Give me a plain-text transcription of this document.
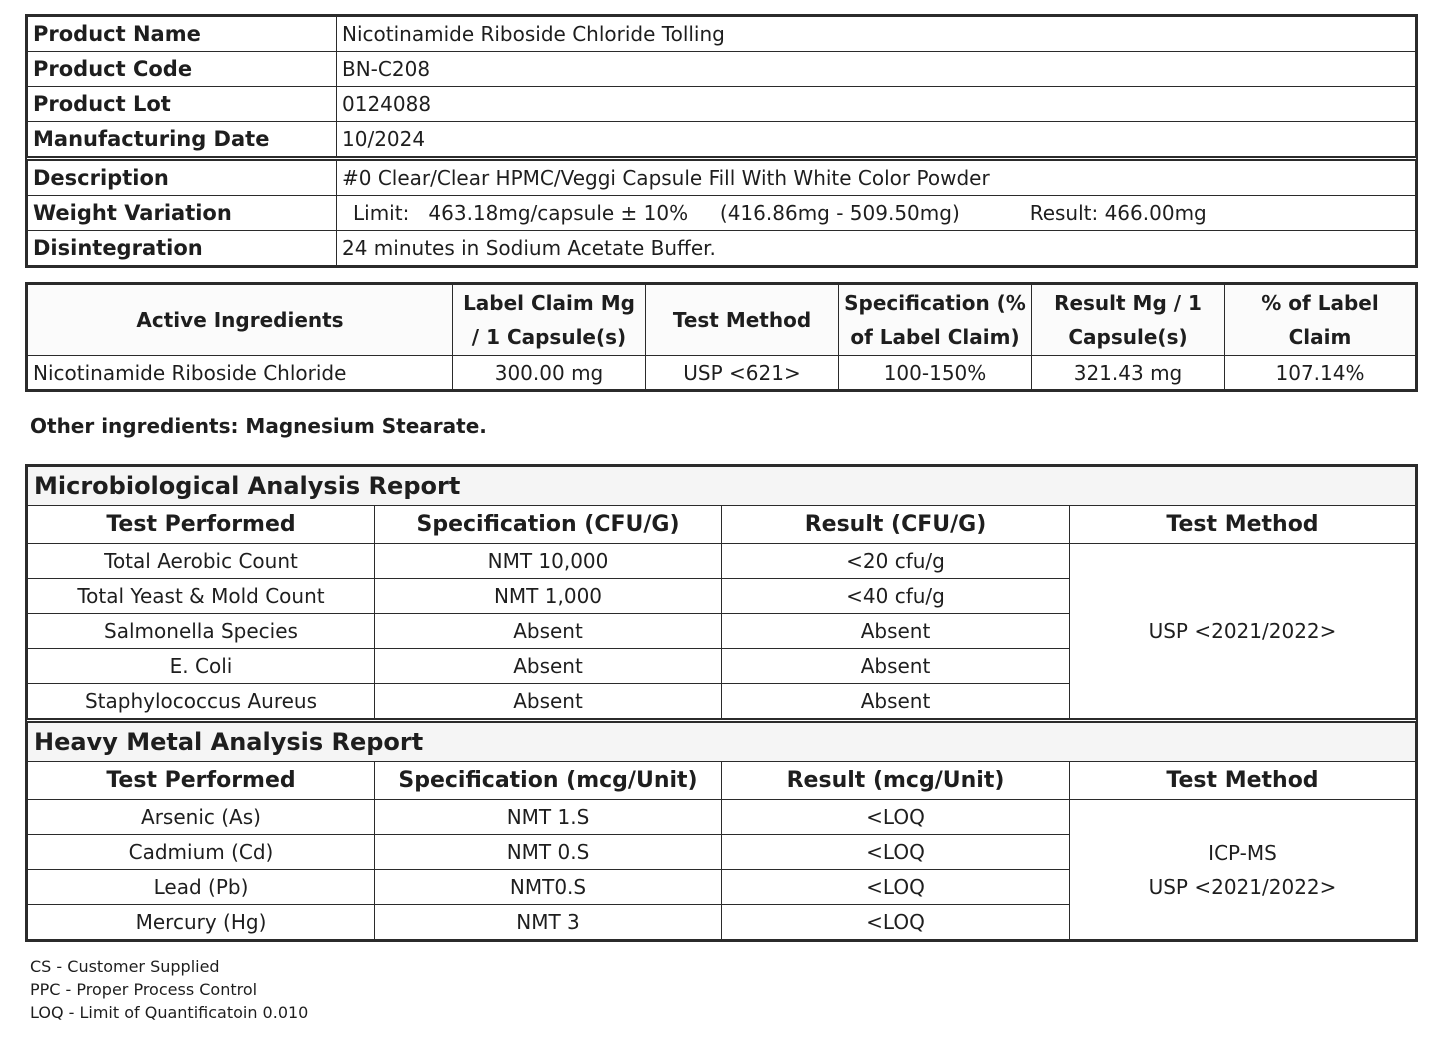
Product Name	Nicotinamide Riboside Chloride Tolling
Product Code	BN-C208
Product Lot	0124088
Manufacturing Date	10/2024
Description	#0 Clear/Clear HPMC/Veggi Capsule Fill With White Color Powder
Weight Variation	Limit:   463.18mg/capsule ± 10%     (416.86mg - 509.50mg)           Result: 466.00mg
Disintegration	24 minutes in Sodium Acetate Buffer.
Active Ingredients	Label Claim Mg / 1 Capsule(s)	Test Method	Specification (% of Label Claim)	Result Mg / 1 Capsule(s)	% of Label Claim
Nicotinamide Riboside Chloride	300.00 mg	USP <621>	100-150%	321.43 mg	107.14%
Other ingredients: Magnesium Stearate.
Microbiological Analysis Report			
Test Performed	Specification (CFU/G)	Result (CFU/G)	Test Method
Total Aerobic Count	NMT 10,000	<20 cfu/g	USP <2021/2022>
Total Yeast & Mold Count	NMT 1,000	<40 cfu/g	
Salmonella Species	Absent	Absent	
E. Coli	Absent	Absent	
Staphylococcus Aureus	Absent	Absent	
Heavy Metal Analysis Report			
Test Performed	Specification (mcg/Unit)	Result (mcg/Unit)	Test Method
Arsenic (As)	NMT 1.S	<LOQ	ICP-MS
USP <2021/2022>

Cadmium (Cd)	NMT 0.S	<LOQ	
Lead (Pb)	NMT0.S	<LOQ	
Mercury (Hg)	NMT 3	<LOQ	
CS - Customer Supplied
PPC - Proper Process Control
LOQ - Limit of Quantificatoin 0.010
